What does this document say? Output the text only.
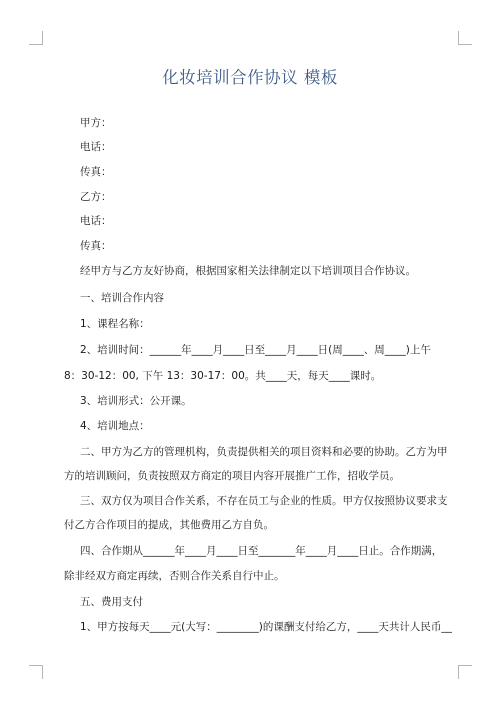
化妆培训合作协议 模板
甲方：
电话：
传真：
乙方：
电话：
传真：
经甲方与乙方友好协商，根据国家相关法律制定以下培训项目合作协议。
一、培训合作内容
1、课程名称：
2、培训时间：______年____月____日至____月____日(周____、周____)上午
8：30-12：00, 下午 13：30-17：00。共____天，每天____课时。
3、培训形式：公开课。
4、培训地点：
二、甲方为乙方的管理机构，负责提供相关的项目资料和必要的协助。乙方为甲
方的培训顾问，负责按照双方商定的项目内容开展推广工作，招收学员。
三、双方仅为项目合作关系，不存在员工与企业的性质。甲方仅按照协议要求支
付乙方合作项目的提成，其他费用乙方自负。
四、合作期从______年____月____日至_______年____月____日止。合作期满，
除非经双方商定再续，否则合作关系自行中止。
五、费用支付
1、甲方按每天____元(大写：________)的课酬支付给乙方，____天共计人民币__
